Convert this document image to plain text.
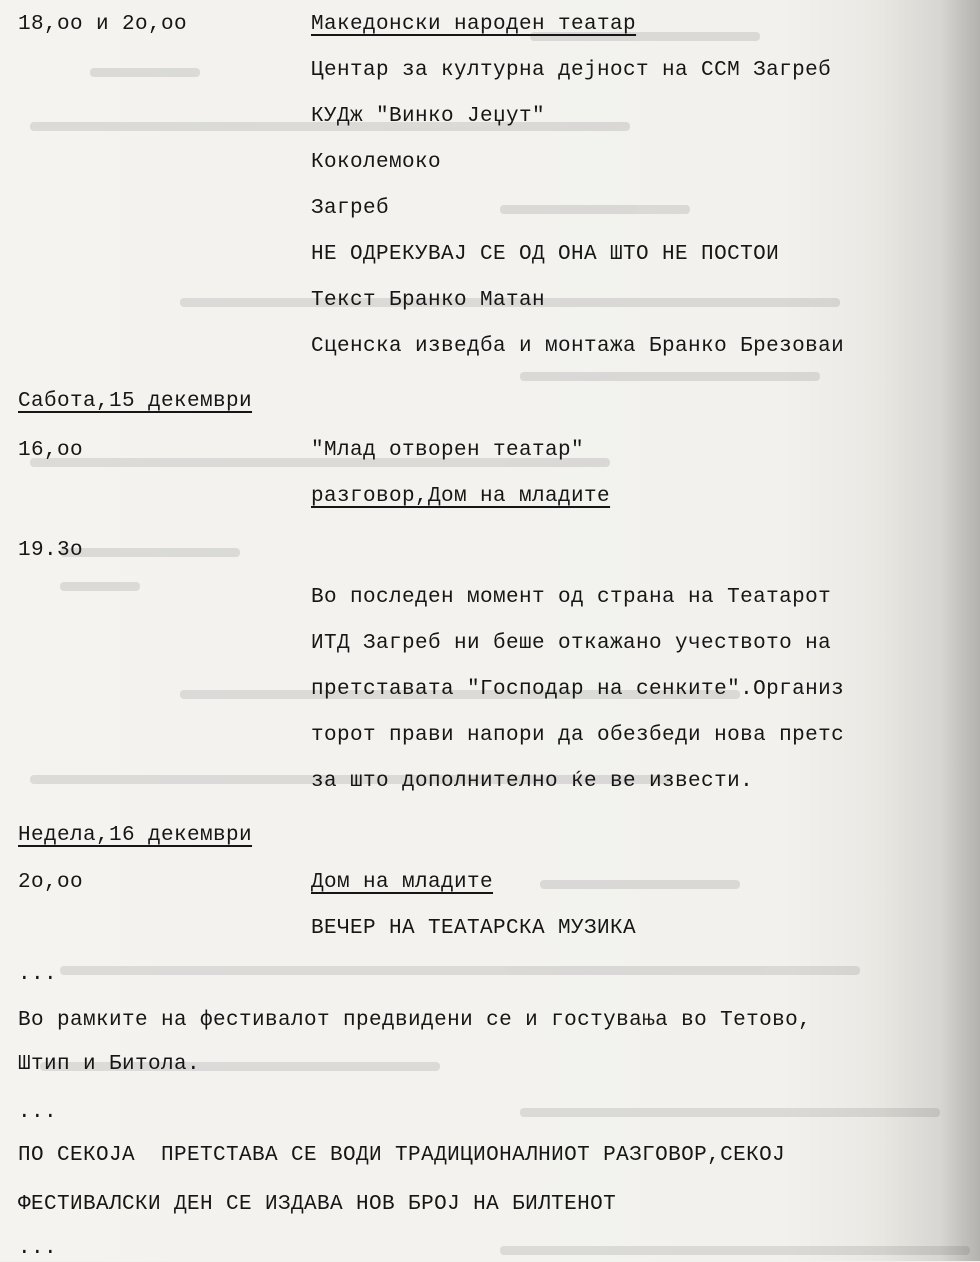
18,оо и 2о,оо	Македонски народен театар
Центар за културна дејност на ССМ Загреб
КУДж "Винко Јеџут"
Коколемоко
Загреб
НЕ ОДРЕКУВАЈ СЕ ОД ОНА ШТО НЕ ПОСТОИ
Текст Бранко Матан
Сценска изведба и монтажа Бранко Брезоваи
Сабота,15 декември
16,оо	"Млад отворен театар"
разговор,Дом на младите
19.3о
Во последен момент од страна на Театарот
ИТД Загреб ни беше откажано учеството на
претставата "Господар на сенките".Организ
торот прави напори да обезбеди нова претс
за што дополнително ќе ве извести.
Недела,16 декември
2о,оо	Дом на младите
ВЕЧЕР НА ТЕАТАРСКА МУЗИКА
...
Во рамките на фестивалот предвидени се и гостувања во Тетово,
Штип и Битола.
...
ПО СЕКОЈА  ПРЕТСТАВА СЕ ВОДИ ТРАДИЦИОНАЛНИОТ РАЗГОВОР,СЕКОЈ
ФЕСТИВАЛСКИ ДЕН СЕ ИЗДАВА НОВ БРОЈ НА БИЛТЕНОТ
...
